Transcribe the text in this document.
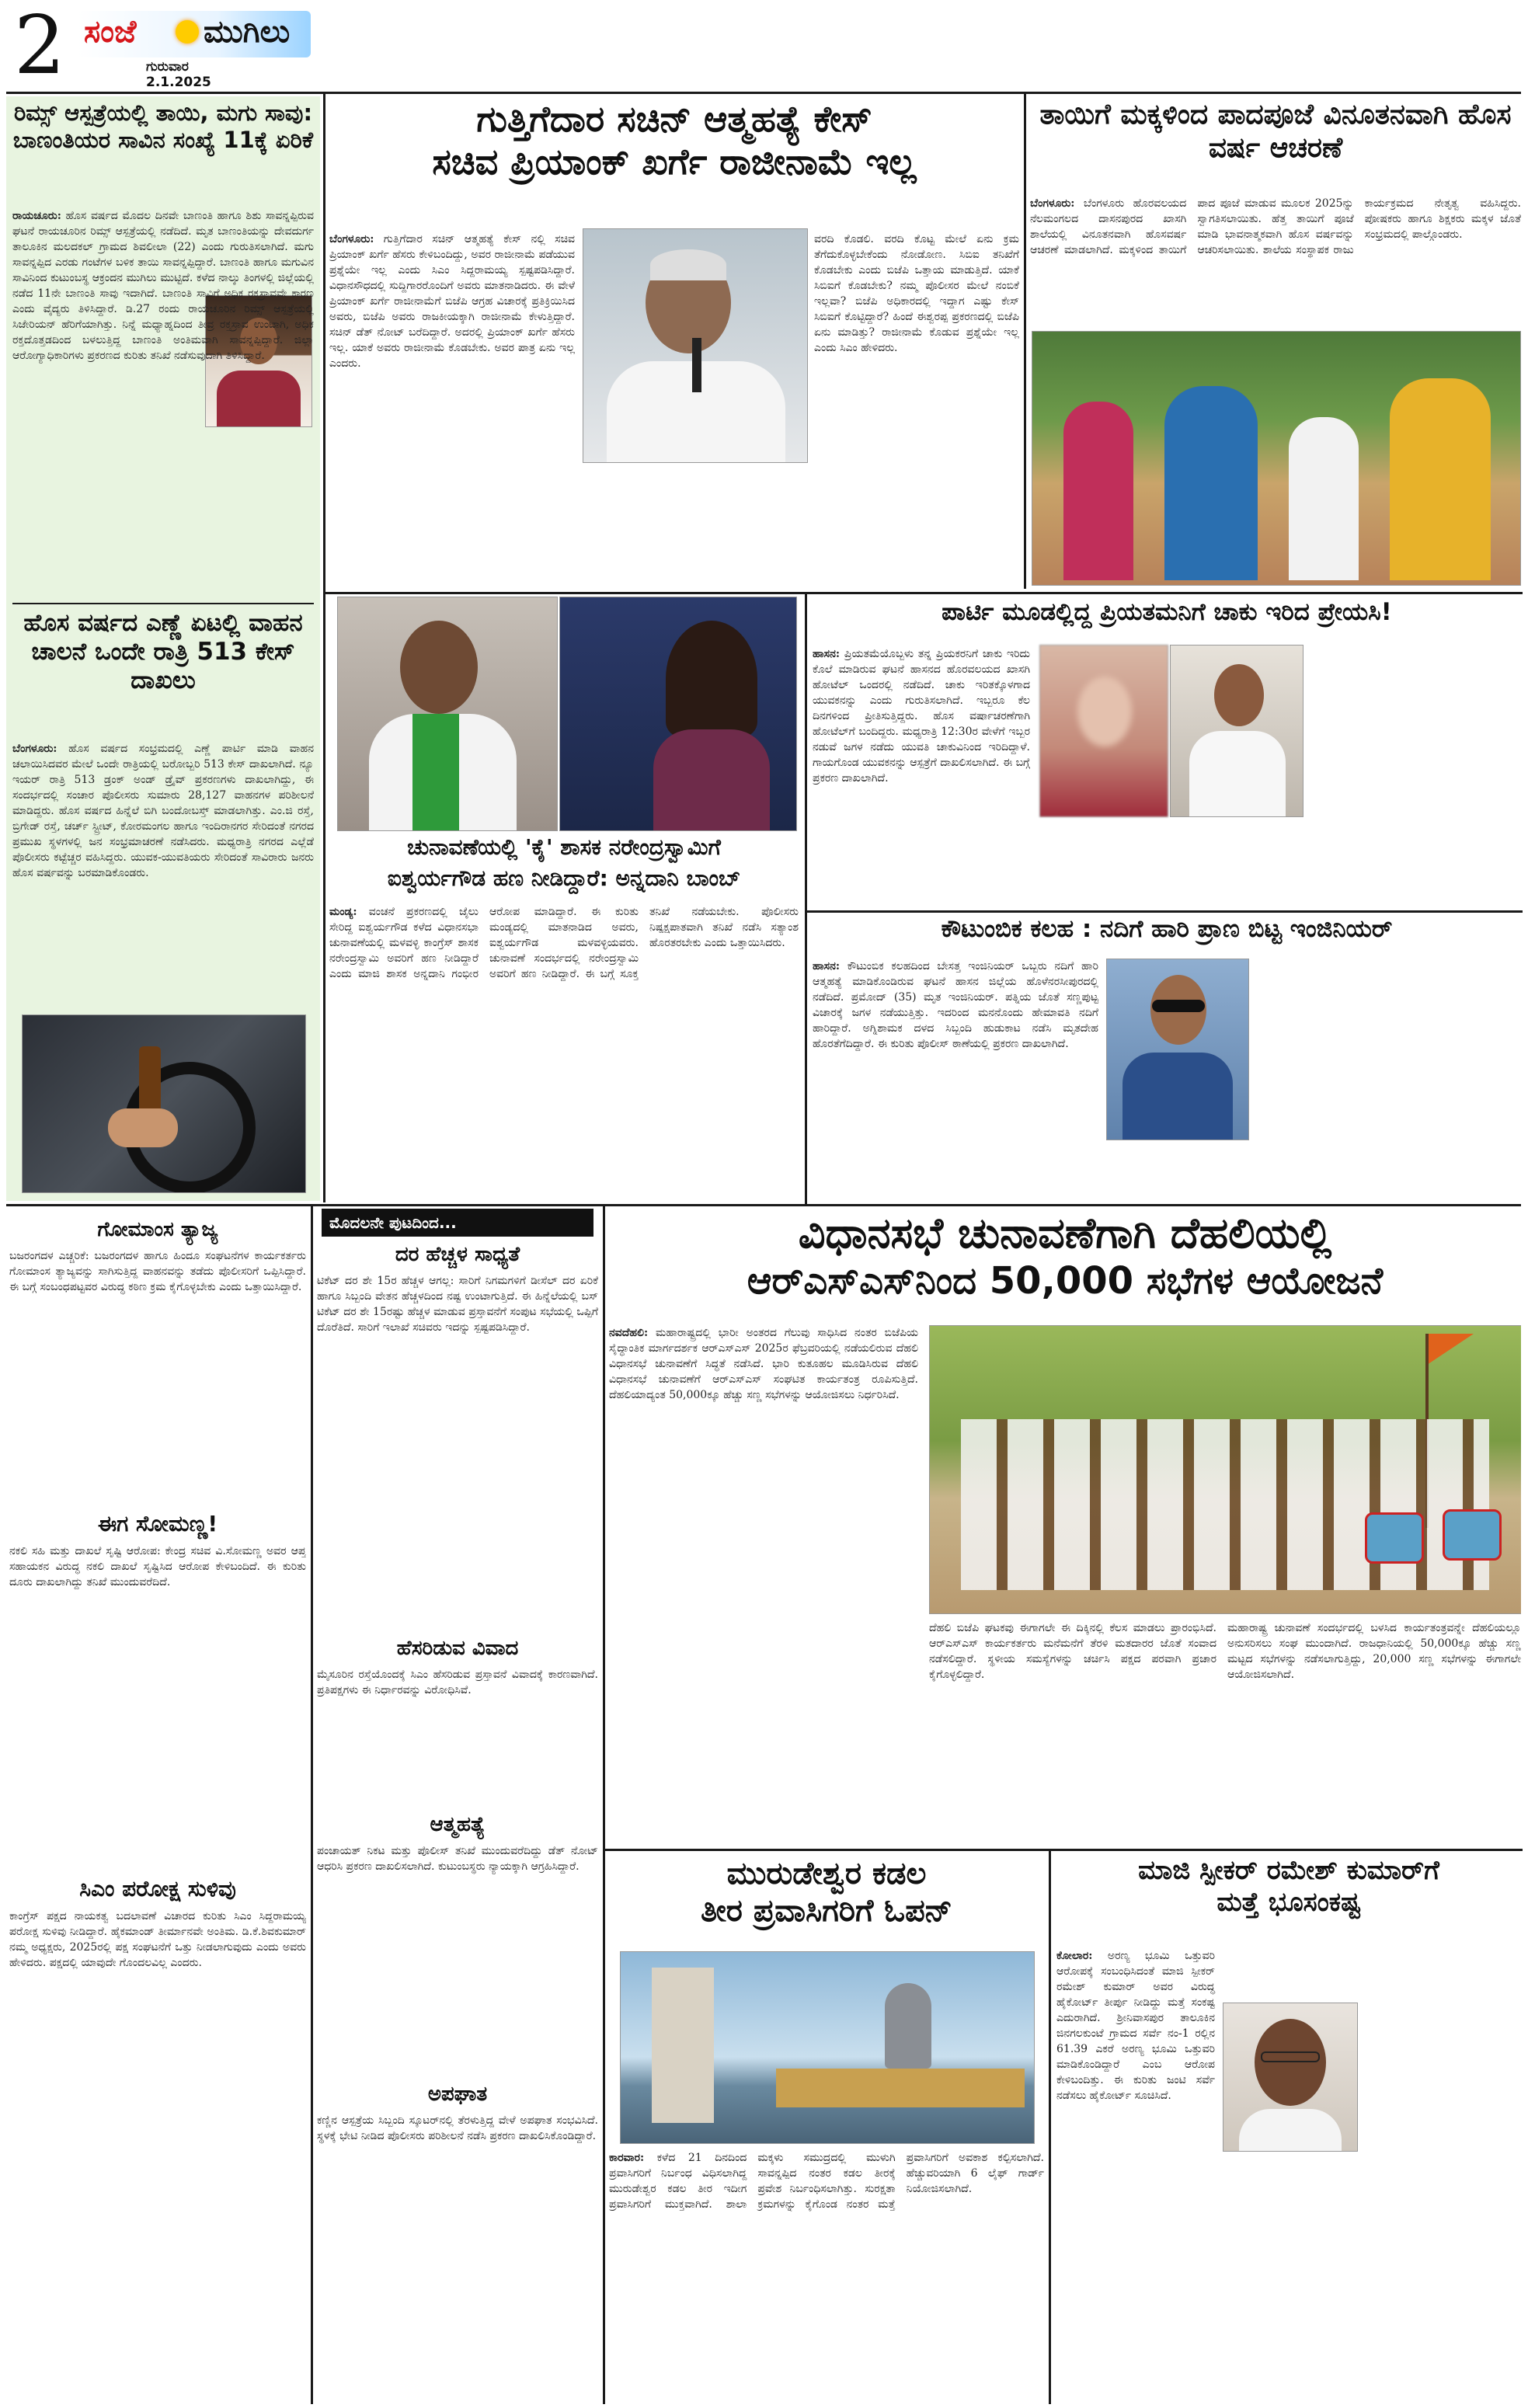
2 ಸಂಜೆ ಮುಗಿಲು
ಗುರುವಾರ
2.1.2025
ರಿಮ್ಸ್ ಆಸ್ಪತ್ರೆಯಲ್ಲಿ ತಾಯಿ, ಮಗು ಸಾವು: ಬಾಣಂತಿಯರ ಸಾವಿನ ಸಂಖ್ಯೆ 11ಕ್ಕೆ ಏರಿಕೆ

ರಾಯಚೂರು: ಹೊಸ ವರ್ಷದ ಮೊದಲ ದಿನವೇ ಬಾಣಂತಿ ಹಾಗೂ ಶಿಶು ಸಾವನ್ನಪ್ಪಿರುವ ಘಟನೆ ರಾಯಚೂರಿನ ರಿಮ್ಸ್ ಆಸ್ಪತ್ರೆಯಲ್ಲಿ ನಡೆದಿದೆ. ಮೃತ ಬಾಣಂತಿಯನ್ನು ದೇವದುರ್ಗ ತಾಲೂಕಿನ ಮಲದಕಲ್ ಗ್ರಾಮದ ಶಿವಲೀಲಾ (22) ಎಂದು ಗುರುತಿಸಲಾಗಿದೆ. ಮಗು ಸಾವನ್ನಪ್ಪಿದ ಎರಡು ಗಂಟೆಗಳ ಬಳಿಕ ತಾಯಿ ಸಾವನ್ನಪ್ಪಿದ್ದಾರೆ. ಬಾಣಂತಿ ಹಾಗೂ ಮಗುವಿನ ಸಾವಿನಿಂದ ಕುಟುಂಬಸ್ಥ ಆಕ್ರಂದನ ಮುಗಿಲು ಮುಟ್ಟಿದೆ. ಕಳೆದ ನಾಲ್ಕು ತಿಂಗಳಲ್ಲಿ ಜಿಲ್ಲೆಯಲ್ಲಿ ನಡೆದ 11ನೇ ಬಾಣಂತಿ ಸಾವು ಇದಾಗಿದೆ. ಬಾಣಂತಿ ಸಾವಿಗೆ ಅಧಿಕ ರಕ್ತಸ್ರಾವವೇ ಕಾರಣ ಎಂದು ವೈದ್ಯರು ತಿಳಿಸಿದ್ದಾರೆ. ಡಿ.27 ರಂದು ರಾಯಚೂರಿನ ರಿಮ್ಸ್ ಆಸ್ಪತ್ರೆಯಲ್ಲಿ ಸಿಜೇರಿಯನ್ ಹೆರಿಗೆಯಾಗಿತ್ತು. ನಿನ್ನೆ ಮಧ್ಯಾಹ್ನದಿಂದ ತೀವ್ರ ರಕ್ತಸ್ರಾವ ಉಂಟಾಗಿ, ಅಧಿಕ ರಕ್ತದೊತ್ತಡದಿಂದ ಬಳಲುತ್ತಿದ್ದ ಬಾಣಂತಿ ಅಂತಿಮವಾಗಿ ಸಾವನ್ನಪ್ಪಿದ್ದಾರೆ. ಜಿಲ್ಲಾ ಆರೋಗ್ಯಾಧಿಕಾರಿಗಳು ಪ್ರಕರಣದ ಕುರಿತು ತನಿಖೆ ನಡೆಸುವುದಾಗಿ ತಿಳಿಸಿದ್ದಾರೆ.

ಹೊಸ ವರ್ಷದ ಎಣ್ಣೆ ಏಟಲ್ಲಿ ವಾಹನ ಚಾಲನೆ ಒಂದೇ ರಾತ್ರಿ 513 ಕೇಸ್ ದಾಖಲು

ಬೆಂಗಳೂರು: ಹೊಸ ವರ್ಷದ ಸಂಭ್ರಮದಲ್ಲಿ ಎಣ್ಣೆ ಪಾರ್ಟಿ ಮಾಡಿ ವಾಹನ ಚಲಾಯಿಸಿದವರ ಮೇಲೆ ಒಂದೇ ರಾತ್ರಿಯಲ್ಲಿ ಬರೋಬ್ಬರಿ 513 ಕೇಸ್ ದಾಖಲಾಗಿದೆ. ನ್ಯೂ ಇಯರ್ ರಾತ್ರಿ 513 ಡ್ರಂಕ್ ಅಂಡ್ ಡ್ರೈವ್ ಪ್ರಕರಣಗಳು ದಾಖಲಾಗಿದ್ದು, ಈ ಸಂದರ್ಭದಲ್ಲಿ ಸಂಚಾರ ಪೊಲೀಸರು ಸುಮಾರು 28,127 ವಾಹನಗಳ ಪರಿಶೀಲನೆ ಮಾಡಿದ್ದರು. ಹೊಸ ವರ್ಷದ ಹಿನ್ನೆಲೆ ಬಿಗಿ ಬಂದೋಬಸ್ತ್ ಮಾಡಲಾಗಿತ್ತು. ಎಂ.ಜಿ ರಸ್ತೆ, ಬ್ರಿಗೇಡ್ ರಸ್ತೆ, ಚರ್ಚ್ ಸ್ಟ್ರೀಟ್, ಕೋರಮಂಗಲ ಹಾಗೂ ಇಂದಿರಾನಗರ ಸೇರಿದಂತೆ ನಗರದ ಪ್ರಮುಖ ಸ್ಥಳಗಳಲ್ಲಿ ಜನ ಸಂಭ್ರಮಾಚರಣೆ ನಡೆಸಿದರು. ಮಧ್ಯರಾತ್ರಿ ನಗರದ ಎಲ್ಲೆಡೆ ಪೊಲೀಸರು ಕಟ್ಟೆಚ್ಚರ ವಹಿಸಿದ್ದರು. ಯುವಕ-ಯುವತಿಯರು ಸೇರಿದಂತೆ ಸಾವಿರಾರು ಜನರು ಹೊಸ ವರ್ಷವನ್ನು ಬರಮಾಡಿಕೊಂಡರು.

ಗುತ್ತಿಗೆದಾರ ಸಚಿನ್ ಆತ್ಮಹತ್ಯೆ ಕೇಸ್
ಸಚಿವ ಪ್ರಿಯಾಂಕ್ ಖರ್ಗೆ ರಾಜೀನಾಮೆ ಇಲ್ಲ

ಬೆಂಗಳೂರು: ಗುತ್ತಿಗೆದಾರ ಸಚಿನ್ ಆತ್ಮಹತ್ಯೆ ಕೇಸ್ ನಲ್ಲಿ ಸಚಿವ ಪ್ರಿಯಾಂಕ್ ಖರ್ಗೆ ಹೆಸರು ಕೇಳಿಬಂದಿದ್ದು, ಅವರ ರಾಜೀನಾಮೆ ಪಡೆಯುವ ಪ್ರಶ್ನೆಯೇ ಇಲ್ಲ ಎಂದು ಸಿಎಂ ಸಿದ್ದರಾಮಯ್ಯ ಸ್ಪಷ್ಟಪಡಿಸಿದ್ದಾರೆ. ವಿಧಾನಸೌಧದಲ್ಲಿ ಸುದ್ದಿಗಾರರೊಂದಿಗೆ ಅವರು ಮಾತನಾಡಿದರು. ಈ ವೇಳೆ ಪ್ರಿಯಾಂಕ್ ಖರ್ಗೆ ರಾಜೀನಾಮೆಗೆ ಬಿಜೆಪಿ ಆಗ್ರಹ ವಿಚಾರಕ್ಕೆ ಪ್ರತಿಕ್ರಿಯಿಸಿದ ಅವರು, ಬಿಜೆಪಿ ಅವರು ರಾಜಕೀಯಕ್ಕಾಗಿ ರಾಜೀನಾಮೆ ಕೇಳುತ್ತಿದ್ದಾರೆ. ಸಚಿನ್ ಡೆತ್ ನೋಟ್ ಬರೆದಿದ್ದಾರೆ. ಅದರಲ್ಲಿ ಪ್ರಿಯಾಂಕ್ ಖರ್ಗೆ ಹೆಸರು ಇಲ್ಲ. ಯಾಕೆ ಅವರು ರಾಜೀನಾಮೆ ಕೊಡಬೇಕು. ಅವರ ಪಾತ್ರ ಏನು ಇಲ್ಲ ಎಂದರು.

ವರದಿ ಕೊಡಲಿ. ವರದಿ ಕೊಟ್ಟ ಮೇಲೆ ಏನು ಕ್ರಮ ತೆಗೆದುಕೊಳ್ಳಬೇಕೆಂದು ನೋಡೋಣ. ಸಿಬಿಐ ತನಿಖೆಗೆ ಕೊಡಬೇಕು ಎಂದು ಬಿಜೆಪಿ ಒತ್ತಾಯ ಮಾಡುತ್ತಿದೆ. ಯಾಕೆ ಸಿಬಿಐಗೆ ಕೊಡಬೇಕು? ನಮ್ಮ ಪೊಲೀಸರ ಮೇಲೆ ನಂಬಿಕೆ ಇಲ್ಲವಾ? ಬಿಜೆಪಿ ಅಧಿಕಾರದಲ್ಲಿ ಇದ್ದಾಗ ಎಷ್ಟು ಕೇಸ್ ಸಿಬಿಐಗೆ ಕೊಟ್ಟಿದ್ದಾರೆ? ಹಿಂದೆ ಈಶ್ವರಪ್ಪ ಪ್ರಕರಣದಲ್ಲಿ ಬಿಜೆಪಿ ಏನು ಮಾಡಿತ್ತು? ರಾಜೀನಾಮೆ ಕೊಡುವ ಪ್ರಶ್ನೆಯೇ ಇಲ್ಲ ಎಂದು ಸಿಎಂ ಹೇಳಿದರು.

ತಾಯಿಗೆ ಮಕ್ಕಳಿಂದ ಪಾದಪೂಜೆ ವಿನೂತನವಾಗಿ ಹೊಸ ವರ್ಷ ಆಚರಣೆ

ಬೆಂಗಳೂರು: ಬೆಂಗಳೂರು ಹೊರವಲಯದ ನೆಲಮಂಗಲದ ದಾಸನಪುರದ ಖಾಸಗಿ ಶಾಲೆಯಲ್ಲಿ ವಿನೂತನವಾಗಿ ಹೊಸವರ್ಷ ಆಚರಣೆ ಮಾಡಲಾಗಿದೆ. ಮಕ್ಕಳಿಂದ ತಾಯಿಗೆ ಪಾದ ಪೂಜೆ ಮಾಡುವ ಮೂಲಕ 2025ನ್ನು ಸ್ವಾಗತಿಸಲಾಯಿತು. ಹೆತ್ತ ತಾಯಿಗೆ ಪೂಜೆ ಮಾಡಿ ಭಾವನಾತ್ಮಕವಾಗಿ ಹೊಸ ವರ್ಷವನ್ನು ಆಚರಿಸಲಾಯಿತು. ಶಾಲೆಯ ಸಂಸ್ಥಾಪಕ ರಾಜು ಕಾರ್ಯಕ್ರಮದ ನೇತೃತ್ವ ವಹಿಸಿದ್ದರು. ಪೋಷಕರು ಹಾಗೂ ಶಿಕ್ಷಕರು ಮಕ್ಕಳ ಜೊತೆ ಸಂಭ್ರಮದಲ್ಲಿ ಪಾಲ್ಗೊಂಡರು.

ಚುನಾವಣೆಯಲ್ಲಿ 'ಕೈ' ಶಾಸಕ ನರೇಂದ್ರಸ್ವಾಮಿಗೆ
ಐಶ್ವರ್ಯಗೌಡ ಹಣ ನೀಡಿದ್ದಾರೆ: ಅನ್ನದಾನಿ ಬಾಂಬ್

ಮಂಡ್ಯ: ವಂಚನೆ ಪ್ರಕರಣದಲ್ಲಿ ಜೈಲು ಸೇರಿದ್ದ ಐಶ್ವರ್ಯಗೌಡ ಕಳೆದ ವಿಧಾನಸಭಾ ಚುನಾವಣೆಯಲ್ಲಿ ಮಳವಳ್ಳಿ ಕಾಂಗ್ರೆಸ್ ಶಾಸಕ ನರೇಂದ್ರಸ್ವಾಮಿ ಅವರಿಗೆ ಹಣ ನೀಡಿದ್ದಾರೆ ಎಂದು ಮಾಜಿ ಶಾಸಕ ಅನ್ನದಾನಿ ಗಂಭೀರ ಆರೋಪ ಮಾಡಿದ್ದಾರೆ. ಈ ಕುರಿತು ಮಂಡ್ಯದಲ್ಲಿ ಮಾತನಾಡಿದ ಅವರು, ಐಶ್ವರ್ಯಗೌಡ ಮಳವಳ್ಳಿಯವರು. ಚುನಾವಣೆ ಸಂದರ್ಭದಲ್ಲಿ ನರೇಂದ್ರಸ್ವಾಮಿ ಅವರಿಗೆ ಹಣ ನೀಡಿದ್ದಾರೆ. ಈ ಬಗ್ಗೆ ಸೂಕ್ತ ತನಿಖೆ ನಡೆಯಬೇಕು. ಪೊಲೀಸರು ನಿಷ್ಪಕ್ಷಪಾತವಾಗಿ ತನಿಖೆ ನಡೆಸಿ ಸತ್ಯಾಂಶ ಹೊರತರಬೇಕು ಎಂದು ಒತ್ತಾಯಿಸಿದರು.

ಪಾರ್ಟಿ ಮೂಡಲ್ಲಿದ್ದ ಪ್ರಿಯತಮನಿಗೆ ಚಾಕು ಇರಿದ ಪ್ರೇಯಸಿ!

ಹಾಸನ: ಪ್ರಿಯತಮೆಯೊಬ್ಬಳು ತನ್ನ ಪ್ರಿಯಕರನಿಗೆ ಚಾಕು ಇರಿದು ಕೊಲೆ ಮಾಡಿರುವ ಘಟನೆ ಹಾಸನದ ಹೊರವಲಯದ ಖಾಸಗಿ ಹೋಟೆಲ್ ಒಂದರಲ್ಲಿ ನಡೆದಿದೆ. ಚಾಕು ಇರಿತಕ್ಕೊಳಗಾದ ಯುವಕನನ್ನು ಎಂದು ಗುರುತಿಸಲಾಗಿದೆ. ಇಬ್ಬರೂ ಕೆಲ ದಿನಗಳಿಂದ ಪ್ರೀತಿಸುತ್ತಿದ್ದರು. ಹೊಸ ವರ್ಷಾಚರಣೆಗಾಗಿ ಹೋಟೆಲ್‌ಗೆ ಬಂದಿದ್ದರು. ಮಧ್ಯರಾತ್ರಿ 12:30ರ ವೇಳೆಗೆ ಇಬ್ಬರ ನಡುವೆ ಜಗಳ ನಡೆದು ಯುವತಿ ಚಾಕುವಿನಿಂದ ಇರಿದಿದ್ದಾಳೆ. ಗಾಯಗೊಂಡ ಯುವಕನನ್ನು ಆಸ್ಪತ್ರೆಗೆ ದಾಖಲಿಸಲಾಗಿದೆ. ಈ ಬಗ್ಗೆ ಪ್ರಕರಣ ದಾಖಲಾಗಿದೆ.

ಕೌಟುಂಬಿಕ ಕಲಹ : ನದಿಗೆ ಹಾರಿ ಪ್ರಾಣ ಬಿಟ್ಟ ಇಂಜಿನಿಯರ್

ಹಾಸನ: ಕೌಟುಂಬಿಕ ಕಲಹದಿಂದ ಬೇಸತ್ತ ಇಂಜಿನಿಯರ್ ಒಬ್ಬರು ನದಿಗೆ ಹಾರಿ ಆತ್ಮಹತ್ಯೆ ಮಾಡಿಕೊಂಡಿರುವ ಘಟನೆ ಹಾಸನ ಜಿಲ್ಲೆಯ ಹೊಳೆನರಸೀಪುರದಲ್ಲಿ ನಡೆದಿದೆ. ಪ್ರಮೋದ್ (35) ಮೃತ ಇಂಜಿನಿಯರ್. ಪತ್ನಿಯ ಜೊತೆ ಸಣ್ಣಪುಟ್ಟ ವಿಚಾರಕ್ಕೆ ಜಗಳ ನಡೆಯುತ್ತಿತ್ತು. ಇದರಿಂದ ಮನನೊಂದು ಹೇಮಾವತಿ ನದಿಗೆ ಹಾರಿದ್ದಾರೆ. ಅಗ್ನಿಶಾಮಕ ದಳದ ಸಿಬ್ಬಂದಿ ಹುಡುಕಾಟ ನಡೆಸಿ ಮೃತದೇಹ ಹೊರತೆಗೆದಿದ್ದಾರೆ. ಈ ಕುರಿತು ಪೊಲೀಸ್ ಠಾಣೆಯಲ್ಲಿ ಪ್ರಕರಣ ದಾಖಲಾಗಿದೆ.

ಗೋಮಾಂಸ ತ್ಯಾಜ್ಯ
ಬಜರಂಗದಳ ಎಚ್ಚರಿಕೆ: ಬಜರಂಗದಳ ಹಾಗೂ ಹಿಂದೂ ಸಂಘಟನೆಗಳ ಕಾರ್ಯಕರ್ತರು ಗೋಮಾಂಸ ತ್ಯಾಜ್ಯವನ್ನು ಸಾಗಿಸುತ್ತಿದ್ದ ವಾಹನವನ್ನು ತಡೆದು ಪೊಲೀಸರಿಗೆ ಒಪ್ಪಿಸಿದ್ದಾರೆ. ಈ ಬಗ್ಗೆ ಸಂಬಂಧಪಟ್ಟವರ ವಿರುದ್ಧ ಕಠಿಣ ಕ್ರಮ ಕೈಗೊಳ್ಳಬೇಕು ಎಂದು ಒತ್ತಾಯಿಸಿದ್ದಾರೆ.
ಈಗ ಸೋಮಣ್ಣ!
ನಕಲಿ ಸಹಿ ಮತ್ತು ದಾಖಲೆ ಸೃಷ್ಟಿ ಆರೋಪ: ಕೇಂದ್ರ ಸಚಿವ ವಿ.ಸೋಮಣ್ಣ ಅವರ ಆಪ್ತ ಸಹಾಯಕನ ವಿರುದ್ಧ ನಕಲಿ ದಾಖಲೆ ಸೃಷ್ಟಿಸಿದ ಆರೋಪ ಕೇಳಿಬಂದಿದೆ. ಈ ಕುರಿತು ದೂರು ದಾಖಲಾಗಿದ್ದು ತನಿಖೆ ಮುಂದುವರೆದಿದೆ.
ಸಿಎಂ ಪರೋಕ್ಷ ಸುಳಿವು
ಕಾಂಗ್ರೆಸ್ ಪಕ್ಷದ ನಾಯಕತ್ವ ಬದಲಾವಣೆ ವಿಚಾರದ ಕುರಿತು ಸಿಎಂ ಸಿದ್ದರಾಮಯ್ಯ ಪರೋಕ್ಷ ಸುಳಿವು ನೀಡಿದ್ದಾರೆ. ಹೈಕಮಾಂಡ್ ತೀರ್ಮಾನವೇ ಅಂತಿಮ. ಡಿ.ಕೆ.ಶಿವಕುಮಾರ್ ನಮ್ಮ ಅಧ್ಯಕ್ಷರು, 2025ರಲ್ಲಿ ಪಕ್ಷ ಸಂಘಟನೆಗೆ ಒತ್ತು ನೀಡಲಾಗುವುದು ಎಂದು ಅವರು ಹೇಳಿದರು. ಪಕ್ಷದಲ್ಲಿ ಯಾವುದೇ ಗೊಂದಲವಿಲ್ಲ ಎಂದರು.
ಮೊದಲನೇ ಪುಟದಿಂದ...
ದರ ಹೆಚ್ಚಳ ಸಾಧ್ಯತೆ
ಟಿಕೆಟ್ ದರ ಶೇ 15ರ ಹೆಚ್ಚಳ ಆಗಲ್ಲ: ಸಾರಿಗೆ ನಿಗಮಗಳಿಗೆ ಡೀಸೆಲ್ ದರ ಏರಿಕೆ ಹಾಗೂ ಸಿಬ್ಬಂದಿ ವೇತನ ಹೆಚ್ಚಳದಿಂದ ನಷ್ಟ ಉಂಟಾಗುತ್ತಿದೆ. ಈ ಹಿನ್ನೆಲೆಯಲ್ಲಿ ಬಸ್ ಟಿಕೆಟ್ ದರ ಶೇ 15ರಷ್ಟು ಹೆಚ್ಚಳ ಮಾಡುವ ಪ್ರಸ್ತಾವನೆಗೆ ಸಂಪುಟ ಸಭೆಯಲ್ಲಿ ಒಪ್ಪಿಗೆ ದೊರೆತಿದೆ. ಸಾರಿಗೆ ಇಲಾಖೆ ಸಚಿವರು ಇದನ್ನು ಸ್ಪಷ್ಟಪಡಿಸಿದ್ದಾರೆ.
ಹೆಸರಿಡುವ ವಿವಾದ
ಮೈಸೂರಿನ ರಸ್ತೆಯೊಂದಕ್ಕೆ ಸಿಎಂ ಹೆಸರಿಡುವ ಪ್ರಸ್ತಾವನೆ ವಿವಾದಕ್ಕೆ ಕಾರಣವಾಗಿದೆ. ಪ್ರತಿಪಕ್ಷಗಳು ಈ ನಿರ್ಧಾರವನ್ನು ವಿರೋಧಿಸಿವೆ.
ಆತ್ಮಹತ್ಯೆ
ಪಂಚಾಯತ್ ನಿಕಟ ಮತ್ತು ಪೊಲೀಸ್ ತನಿಖೆ ಮುಂದುವರೆದಿದ್ದು ಡೆತ್ ನೋಟ್ ಆಧರಿಸಿ ಪ್ರಕರಣ ದಾಖಲಿಸಲಾಗಿದೆ. ಕುಟುಂಬಸ್ಥರು ನ್ಯಾಯಕ್ಕಾಗಿ ಆಗ್ರಹಿಸಿದ್ದಾರೆ.
ಅಪಘಾತ
ಕಣ್ಣಿನ ಆಸ್ಪತ್ರೆಯ ಸಿಬ್ಬಂದಿ ಸ್ಕೂಟರ್‌ನಲ್ಲಿ ತೆರಳುತ್ತಿದ್ದ ವೇಳೆ ಅಪಘಾತ ಸಂಭವಿಸಿದೆ. ಸ್ಥಳಕ್ಕೆ ಭೇಟಿ ನೀಡಿದ ಪೊಲೀಸರು ಪರಿಶೀಲನೆ ನಡೆಸಿ ಪ್ರಕರಣ ದಾಖಲಿಸಿಕೊಂಡಿದ್ದಾರೆ.
ವಿಧಾನಸಭೆ ಚುನಾವಣೆಗಾಗಿ ದೆಹಲಿಯಲ್ಲಿ
ಆರ್‌ಎಸ್‌ಎಸ್‌ನಿಂದ 50,000 ಸಭೆಗಳ ಆಯೋಜನೆ

ನವದೆಹಲಿ: ಮಹಾರಾಷ್ಟ್ರದಲ್ಲಿ ಭಾರೀ ಅಂತರದ ಗೆಲುವು ಸಾಧಿಸಿದ ನಂತರ ಬಿಜೆಪಿಯ ಸೈದ್ಧಾಂತಿಕ ಮಾರ್ಗದರ್ಶಕ ಆರ್‌ಎಸ್‌ಎಸ್ 2025ರ ಫೆಬ್ರವರಿಯಲ್ಲಿ ನಡೆಯಲಿರುವ ದೆಹಲಿ ವಿಧಾನಸಭೆ ಚುನಾವಣೆಗೆ ಸಿದ್ಧತೆ ನಡೆಸಿದೆ. ಭಾರಿ ಕುತೂಹಲ ಮೂಡಿಸಿರುವ ದೆಹಲಿ ವಿಧಾನಸಭೆ ಚುನಾವಣೆಗೆ ಆರ್‌ಎಸ್‌ಎಸ್ ಸಂಘಟಿತ ಕಾರ್ಯತಂತ್ರ ರೂಪಿಸುತ್ತಿದೆ. ದೆಹಲಿಯಾದ್ಯಂತ 50,000ಕ್ಕೂ ಹೆಚ್ಚು ಸಣ್ಣ ಸಭೆಗಳನ್ನು ಆಯೋಜಿಸಲು ನಿರ್ಧರಿಸಿದೆ.

ದೆಹಲಿ ಬಿಜೆಪಿ ಘಟಕವು ಈಗಾಗಲೇ ಈ ದಿಕ್ಕಿನಲ್ಲಿ ಕೆಲಸ ಮಾಡಲು ಪ್ರಾರಂಭಿಸಿದೆ. ಆರ್‌ಎಸ್‌ಎಸ್ ಕಾರ್ಯಕರ್ತರು ಮನೆಮನೆಗೆ ತೆರಳಿ ಮತದಾರರ ಜೊತೆ ಸಂವಾದ ನಡೆಸಲಿದ್ದಾರೆ. ಸ್ಥಳೀಯ ಸಮಸ್ಯೆಗಳನ್ನು ಚರ್ಚಿಸಿ ಪಕ್ಷದ ಪರವಾಗಿ ಪ್ರಚಾರ ಕೈಗೊಳ್ಳಲಿದ್ದಾರೆ.
ಮಹಾರಾಷ್ಟ್ರ ಚುನಾವಣೆ ಸಂದರ್ಭದಲ್ಲಿ ಬಳಸಿದ ಕಾರ್ಯತಂತ್ರವನ್ನೇ ದೆಹಲಿಯಲ್ಲೂ ಅನುಸರಿಸಲು ಸಂಘ ಮುಂದಾಗಿದೆ. ರಾಜಧಾನಿಯಲ್ಲಿ 50,000ಕ್ಕೂ ಹೆಚ್ಚು ಸಣ್ಣ ಮಟ್ಟದ ಸಭೆಗಳನ್ನು ನಡೆಸಲಾಗುತ್ತಿದ್ದು, 20,000 ಸಣ್ಣ ಸಭೆಗಳನ್ನು ಈಗಾಗಲೇ ಆಯೋಜಿಸಲಾಗಿದೆ.
ಮುರುಡೇಶ್ವರ ಕಡಲ
ತೀರ ಪ್ರವಾಸಿಗರಿಗೆ ಓಪನ್

ಕಾರವಾರ: ಕಳೆದ 21 ದಿನದಿಂದ ಪ್ರವಾಸಿಗರಿಗೆ ನಿರ್ಬಂಧ ವಿಧಿಸಲಾಗಿದ್ದ ಮುರುಡೇಶ್ವರ ಕಡಲ ತೀರ ಇದೀಗ ಪ್ರವಾಸಿಗರಿಗೆ ಮುಕ್ತವಾಗಿದೆ. ಶಾಲಾ ಮಕ್ಕಳು ಸಮುದ್ರದಲ್ಲಿ ಮುಳುಗಿ ಸಾವನ್ನಪ್ಪಿದ ನಂತರ ಕಡಲ ತೀರಕ್ಕೆ ಪ್ರವೇಶ ನಿರ್ಬಂಧಿಸಲಾಗಿತ್ತು. ಸುರಕ್ಷತಾ ಕ್ರಮಗಳನ್ನು ಕೈಗೊಂಡ ನಂತರ ಮತ್ತೆ ಪ್ರವಾಸಿಗರಿಗೆ ಅವಕಾಶ ಕಲ್ಪಿಸಲಾಗಿದೆ. ಹೆಚ್ಚುವರಿಯಾಗಿ 6 ಲೈಫ್ ಗಾರ್ಡ್ ನಿಯೋಜಿಸಲಾಗಿದೆ.

ಮಾಜಿ ಸ್ಪೀಕರ್ ರಮೇಶ್ ಕುಮಾರ್‌ಗೆ
ಮತ್ತೆ ಭೂಸಂಕಷ್ಟ

ಕೋಲಾರ: ಅರಣ್ಯ ಭೂಮಿ ಒತ್ತುವರಿ ಆರೋಪಕ್ಕೆ ಸಂಬಂಧಿಸಿದಂತೆ ಮಾಜಿ ಸ್ಪೀಕರ್ ರಮೇಶ್ ಕುಮಾರ್ ಅವರ ವಿರುದ್ಧ ಹೈಕೋರ್ಟ್ ತೀರ್ಪು ನೀಡಿದ್ದು ಮತ್ತೆ ಸಂಕಷ್ಟ ಎದುರಾಗಿದೆ. ಶ್ರೀನಿವಾಸಪುರ ತಾಲೂಕಿನ ಜಿನಗಲಕುಂಟೆ ಗ್ರಾಮದ ಸರ್ವೆ ನಂ-1 ರಲ್ಲಿನ 61.39 ಎಕರೆ ಅರಣ್ಯ ಭೂಮಿ ಒತ್ತುವರಿ ಮಾಡಿಕೊಂಡಿದ್ದಾರೆ ಎಂಬ ಆರೋಪ ಕೇಳಿಬಂದಿತ್ತು. ಈ ಕುರಿತು ಜಂಟಿ ಸರ್ವೆ ನಡೆಸಲು ಹೈಕೋರ್ಟ್ ಸೂಚಿಸಿದೆ.
